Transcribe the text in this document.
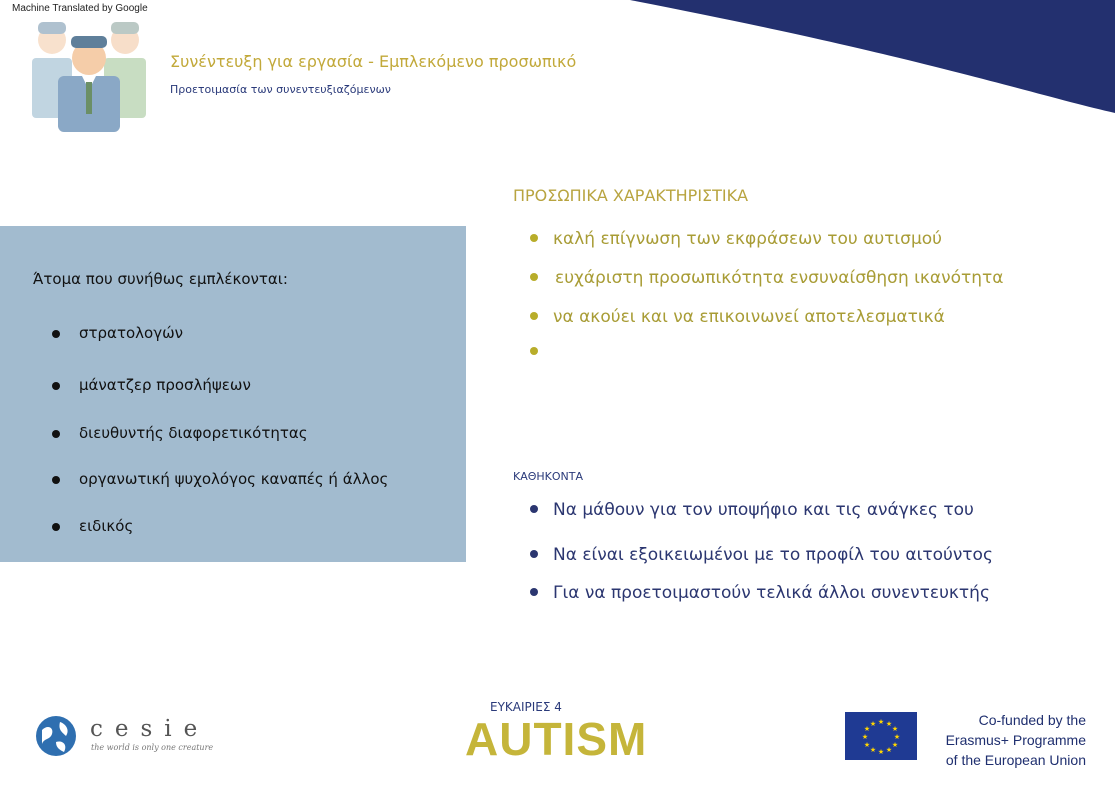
Machine Translated by Google
Συνέντευξη για εργασία - Εμπλεκόμενο προσωπικό
Προετοιμασία των συνεντευξιαζόμενων
Άτομα που συνήθως εμπλέκονται:
στρατολογών
μάνατζερ προσλήψεων
διευθυντής διαφορετικότητας
οργανωτική ψυχολόγος καναπές ή άλλος
ειδικός
ΠΡΟΣΩΠΙΚΑ ΧΑΡΑΚΤΗΡΙΣΤΙΚΑ
καλή επίγνωση των εκφράσεων του αυτισμού
ευχάριστη προσωπικότητα ενσυναίσθηση ικανότητα
να ακούει και να επικοινωνεί αποτελεσματικά
ΚΑΘΗΚΟΝΤΑ
Να μάθουν για τον υποψήφιο και τις ανάγκες του
Να είναι εξοικειωμένοι με το προφίλ του αιτούντος
Για να προετοιμαστούν τελικά άλλοι συνεντευκτής
cesie
the world is only one creature
ΕΥΚΑΙΡΙΕΣ 4
AUTISM	★ ★
★
★
★
★
★
★
★
★
★
★	Co-funded by the
Erasmus+ Programme
of the European Union
